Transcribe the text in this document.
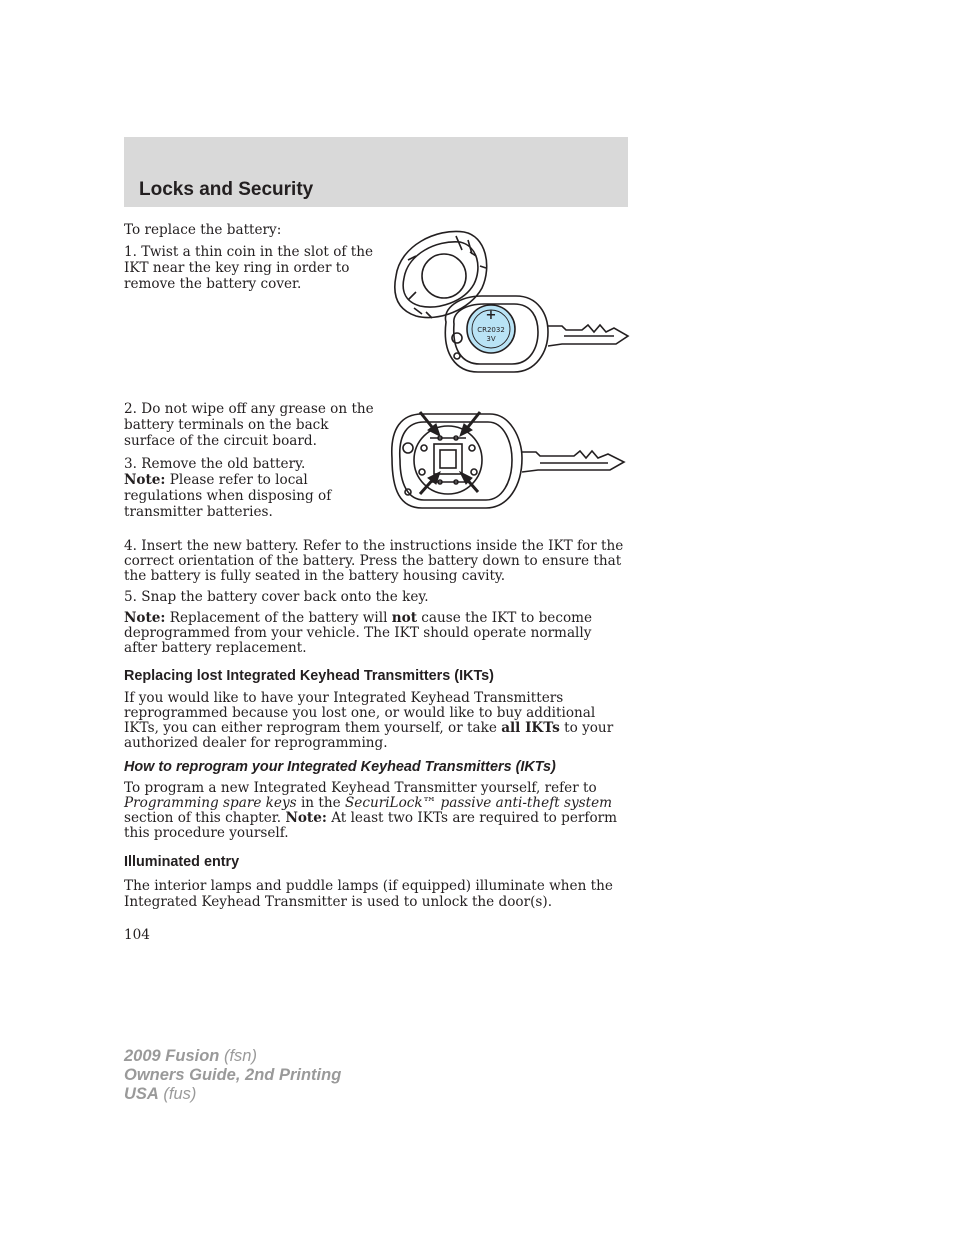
Locks and Security

To replace the battery:

1. Twist a thin coin in the slot of the IKT near the key ring in order to remove the battery cover.

+
CR2032
3V

2. Do not wipe off any grease on the battery terminals on the back surface of the circuit board.

3. Remove the old battery.
Note: Please refer to local regulations when disposing of transmitter batteries.

4. Insert the new battery. Refer to the instructions inside the IKT for the correct orientation of the battery. Press the battery down to ensure that the battery is fully seated in the battery housing cavity.

5. Snap the battery cover back onto the key.

Note: Replacement of the battery will not cause the IKT to become deprogrammed from your vehicle. The IKT should operate normally after battery replacement.

Replacing lost Integrated Keyhead Transmitters (IKTs)

If you would like to have your Integrated Keyhead Transmitters reprogrammed because you lost one, or would like to buy additional IKTs, you can either reprogram them yourself, or take all IKTs to your authorized dealer for reprogramming.

How to reprogram your Integrated Keyhead Transmitters (IKTs)

To program a new Integrated Keyhead Transmitter yourself, refer to Programming spare keys in the SecuriLock™ passive anti-theft system section of this chapter. Note: At least two IKTs are required to perform this procedure yourself.

Illuminated entry

The interior lamps and puddle lamps (if equipped) illuminate when the Integrated Keyhead Transmitter is used to unlock the door(s).

104

2009 Fusion (fsn)
Owners Guide, 2nd Printing
USA (fus)
